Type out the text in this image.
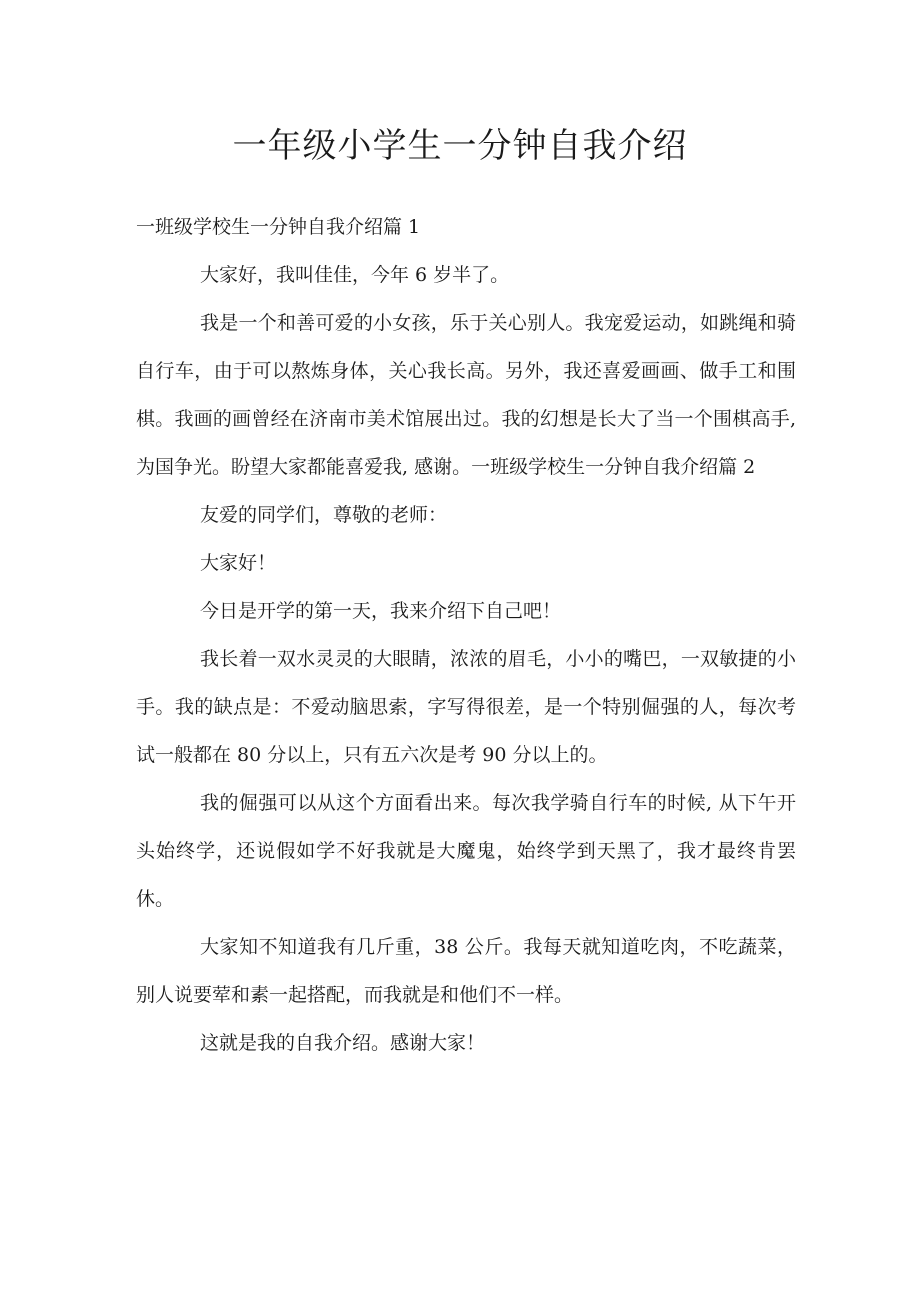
一年级小学生一分钟自我介绍

一班级学校生一分钟自我介绍篇 1

大家好，我叫佳佳，今年 6 岁半了。

我是一个和善可爱的小女孩，乐于关心别人。我宠爱运动，如跳绳和骑自行车，由于可以熬炼身体，关心我长高。另外，我还喜爱画画、做手工和围棋。我画的画曾经在济南市美术馆展出过。我的幻想是长大了当一个围棋高手, 为国争光。盼望大家都能喜爱我, 感谢。一班级学校生一分钟自我介绍篇 2

友爱的同学们，尊敬的老师：

大家好！

今日是开学的第一天，我来介绍下自己吧！

我长着一双水灵灵的大眼睛，浓浓的眉毛，小小的嘴巴，一双敏捷的小手。我的缺点是：不爱动脑思索，字写得很差，是一个特别倔强的人，每次考试一般都在 80 分以上，只有五六次是考 90 分以上的。

我的倔强可以从这个方面看出来。每次我学骑自行车的时候, 从下午开头始终学，还说假如学不好我就是大魔鬼，始终学到天黑了，我才最终肯罢休。

大家知不知道我有几斤重，38 公斤。我每天就知道吃肉，不吃蔬菜，别人说要荤和素一起搭配，而我就是和他们不一样。

这就是我的自我介绍。感谢大家！
